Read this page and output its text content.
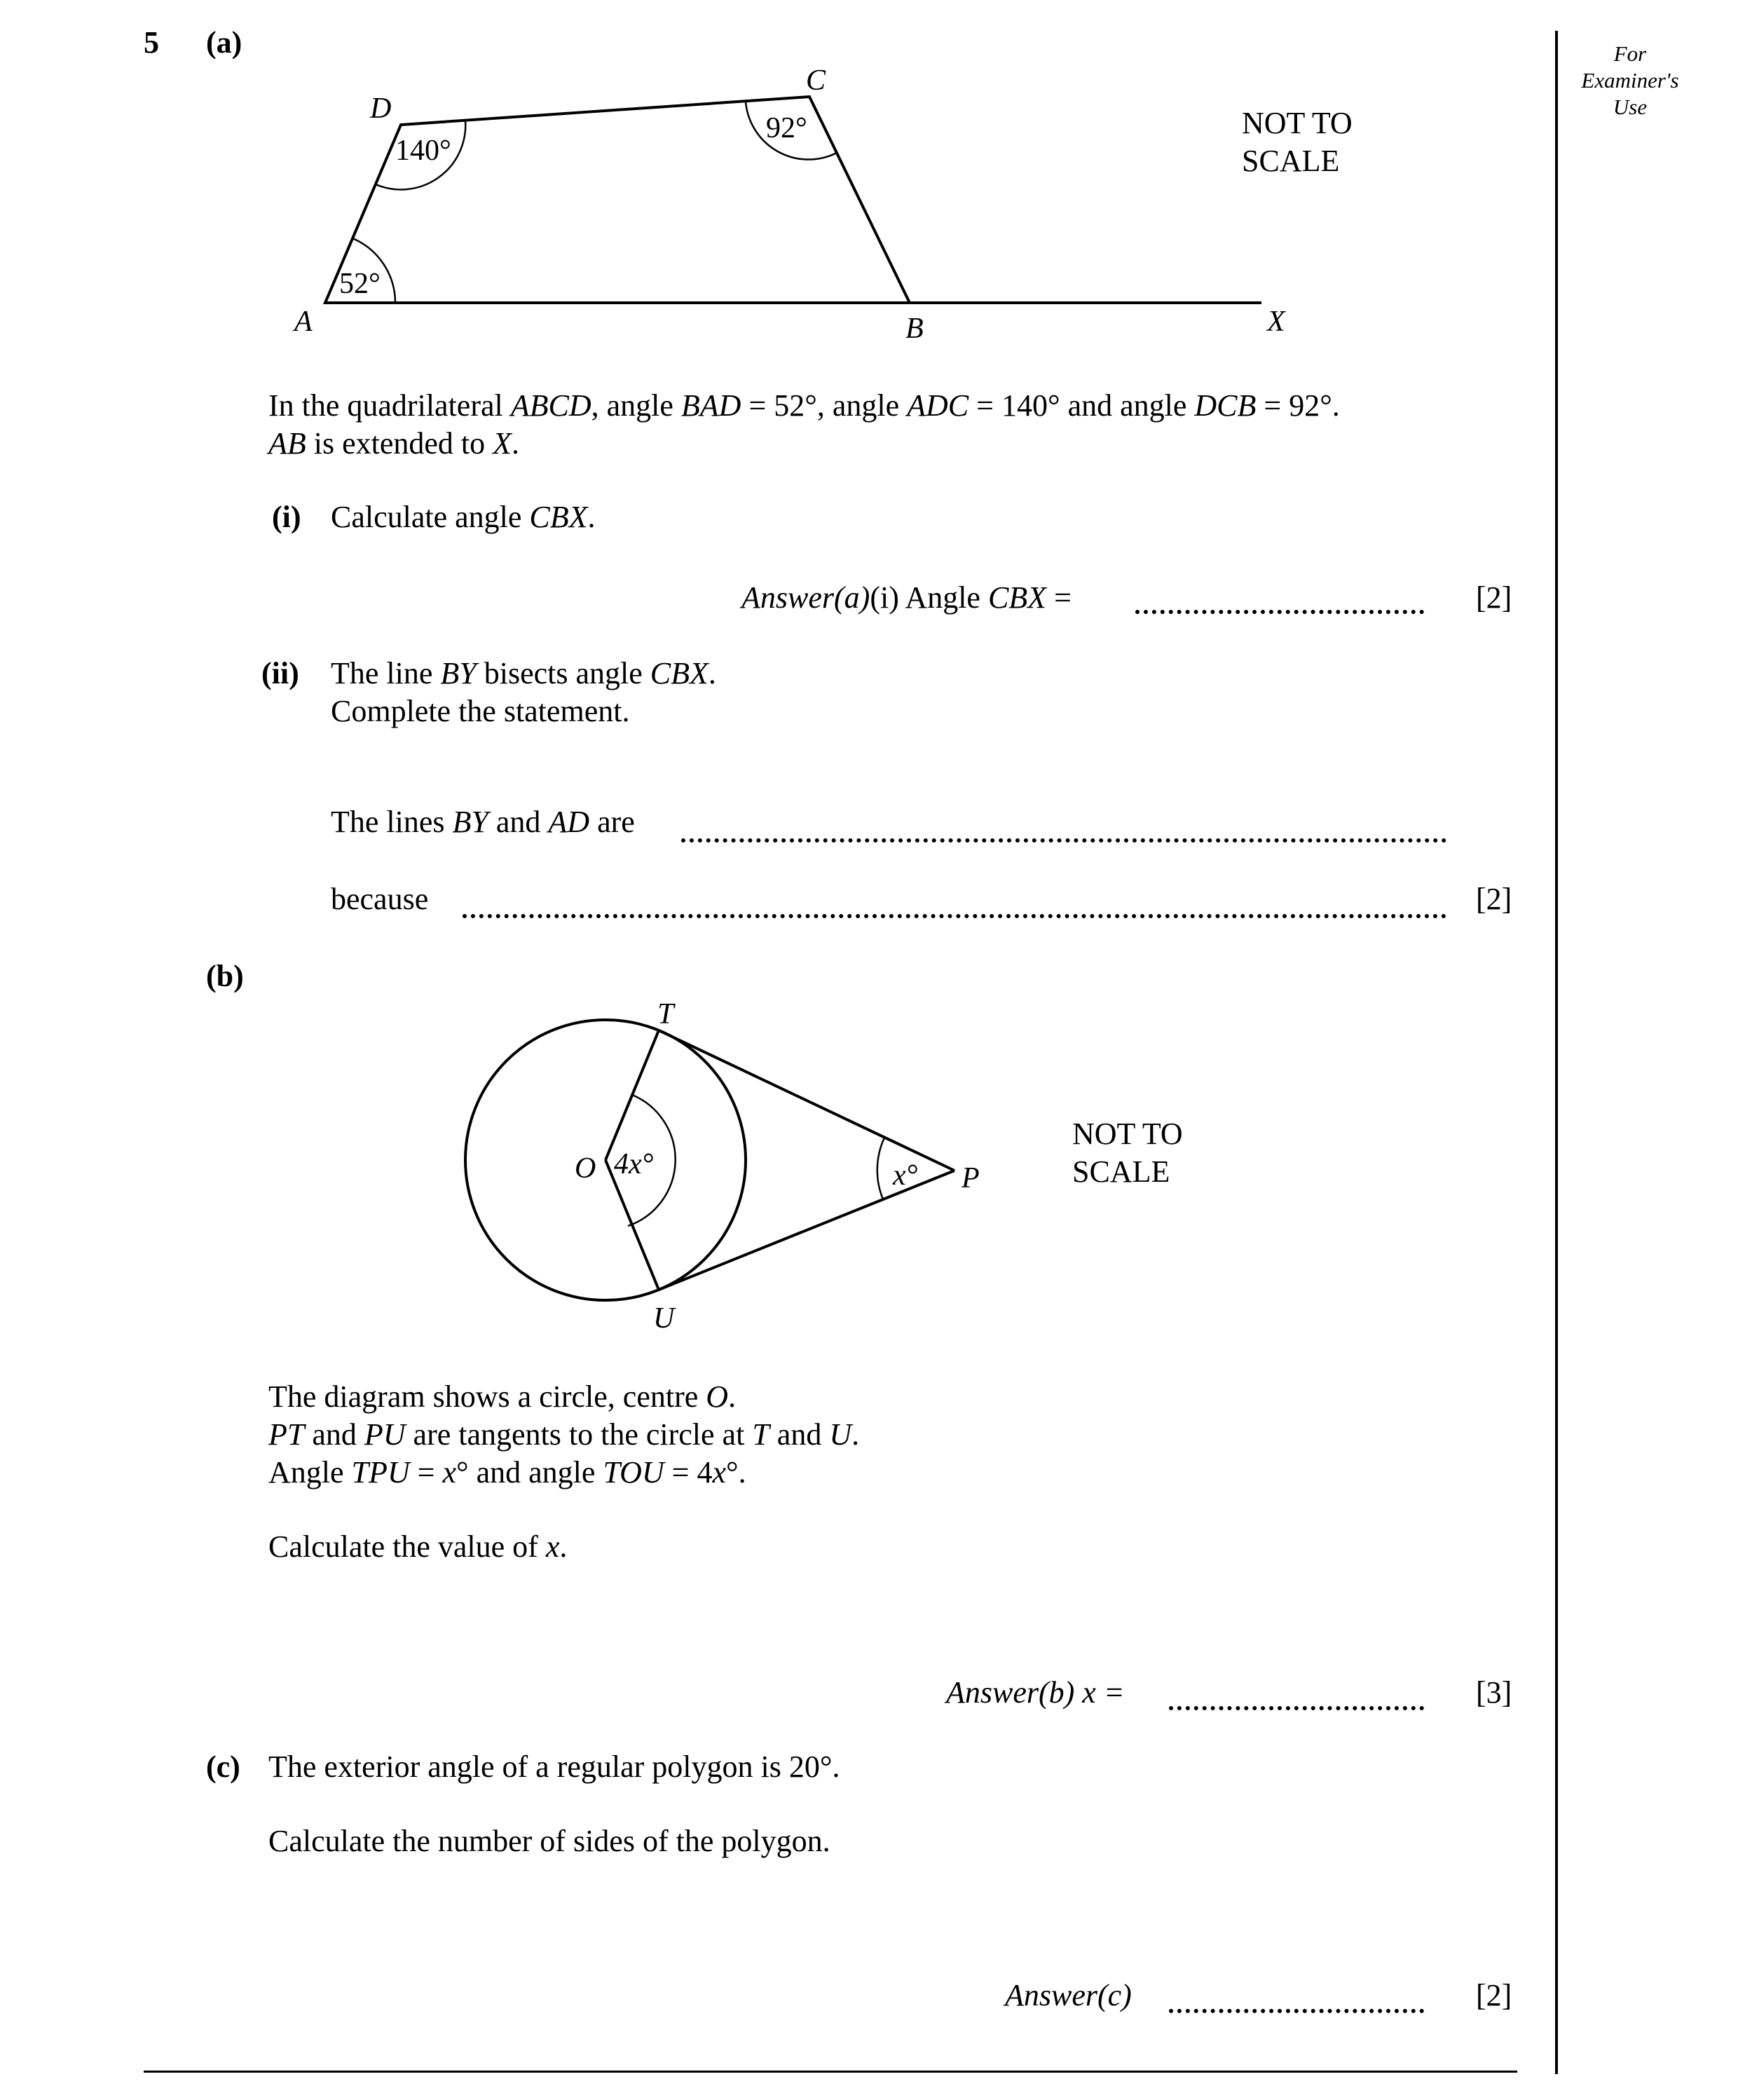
For Examiner's Use
5 (a)
A	B
C
D
X
52°
140°
92°	NOT TO
SCALE
In the quadrilateral ABCD, angle BAD = 52°, angle ADC = 140° and angle DCB = 92°.
AB is extended to X.
(i) Calculate angle CBX.
Answer(a)(i) Angle CBX =	[2]
(ii) The line BY bisects angle CBX.
Complete the statement.
The lines BY and AD are
because	[2]
(b)
T
O
U
P
4x°	x°
NOT TO
SCALE
The diagram shows a circle, centre O.
PT and PU are tangents to the circle at T and U.
Angle TPU = x° and angle TOU = 4x°.
Calculate the value of x.
Answer(b) x =	[3]
(c) The exterior angle of a regular polygon is 20°.
Calculate the number of sides of the polygon.
Answer(c)	[2]
